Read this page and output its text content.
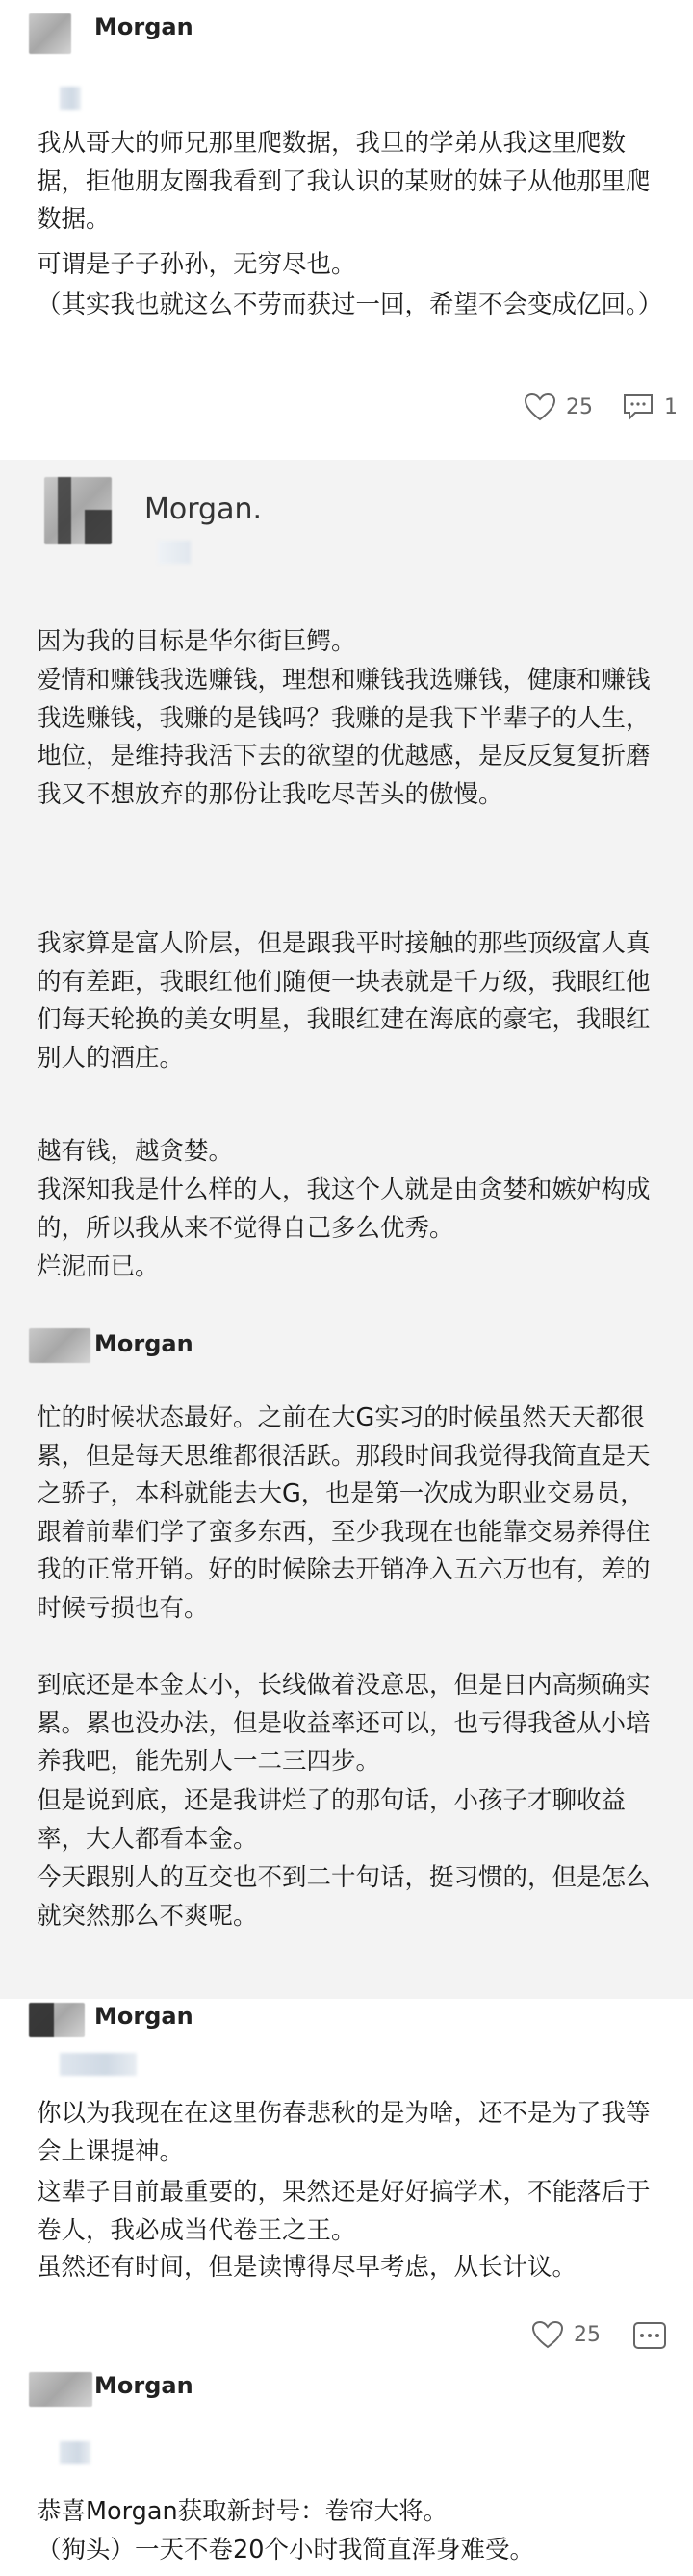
Morgan

我从哥大的师兄那里爬数据，我旦的学弟从我这里爬数据，拒他朋友圈我看到了我认识的某财的妹子从他那里爬数据。

可谓是子子孙孙，无穷尽也。

（其实我也就这么不劳而获过一回，希望不会变成亿回。）

25	1
Morgan.

因为我的目标是华尔街巨鳄。

爱情和赚钱我选赚钱，理想和赚钱我选赚钱，健康和赚钱我选赚钱，我赚的是钱吗？我赚的是我下半辈子的人生，地位，是维持我活下去的欲望的优越感，是反反复复折磨我又不想放弃的那份让我吃尽苦头的傲慢。

我家算是富人阶层，但是跟我平时接触的那些顶级富人真的有差距，我眼红他们随便一块表就是千万级，我眼红他们每天轮换的美女明星，我眼红建在海底的豪宅，我眼红别人的酒庄。

越有钱，越贪婪。

我深知我是什么样的人，我这个人就是由贪婪和嫉妒构成的，所以我从来不觉得自己多么优秀。

烂泥而已。

Morgan

忙的时候状态最好。之前在大G实习的时候虽然天天都很累，但是每天思维都很活跃。那段时间我觉得我简直是天之骄子，本科就能去大G，也是第一次成为职业交易员，跟着前辈们学了蛮多东西，至少我现在也能靠交易养得住我的正常开销。好的时候除去开销净入五六万也有，差的时候亏损也有。

到底还是本金太小，长线做着没意思，但是日内高频确实累。累也没办法，但是收益率还可以，也亏得我爸从小培养我吧，能先别人一二三四步。

但是说到底，还是我讲烂了的那句话，小孩子才聊收益率，大人都看本金。

今天跟别人的互交也不到二十句话，挺习惯的，但是怎么就突然那么不爽呢。

Morgan

你以为我现在在这里伤春悲秋的是为啥，还不是为了我等会上课提神。

这辈子目前最重要的，果然还是好好搞学术，不能落后于卷人，我必成当代卷王之王。

虽然还有时间，但是读博得尽早考虑，从长计议。

25
Morgan

恭喜Morgan获取新封号：卷帘大将。

（狗头）一天不卷20个小时我简直浑身难受。
